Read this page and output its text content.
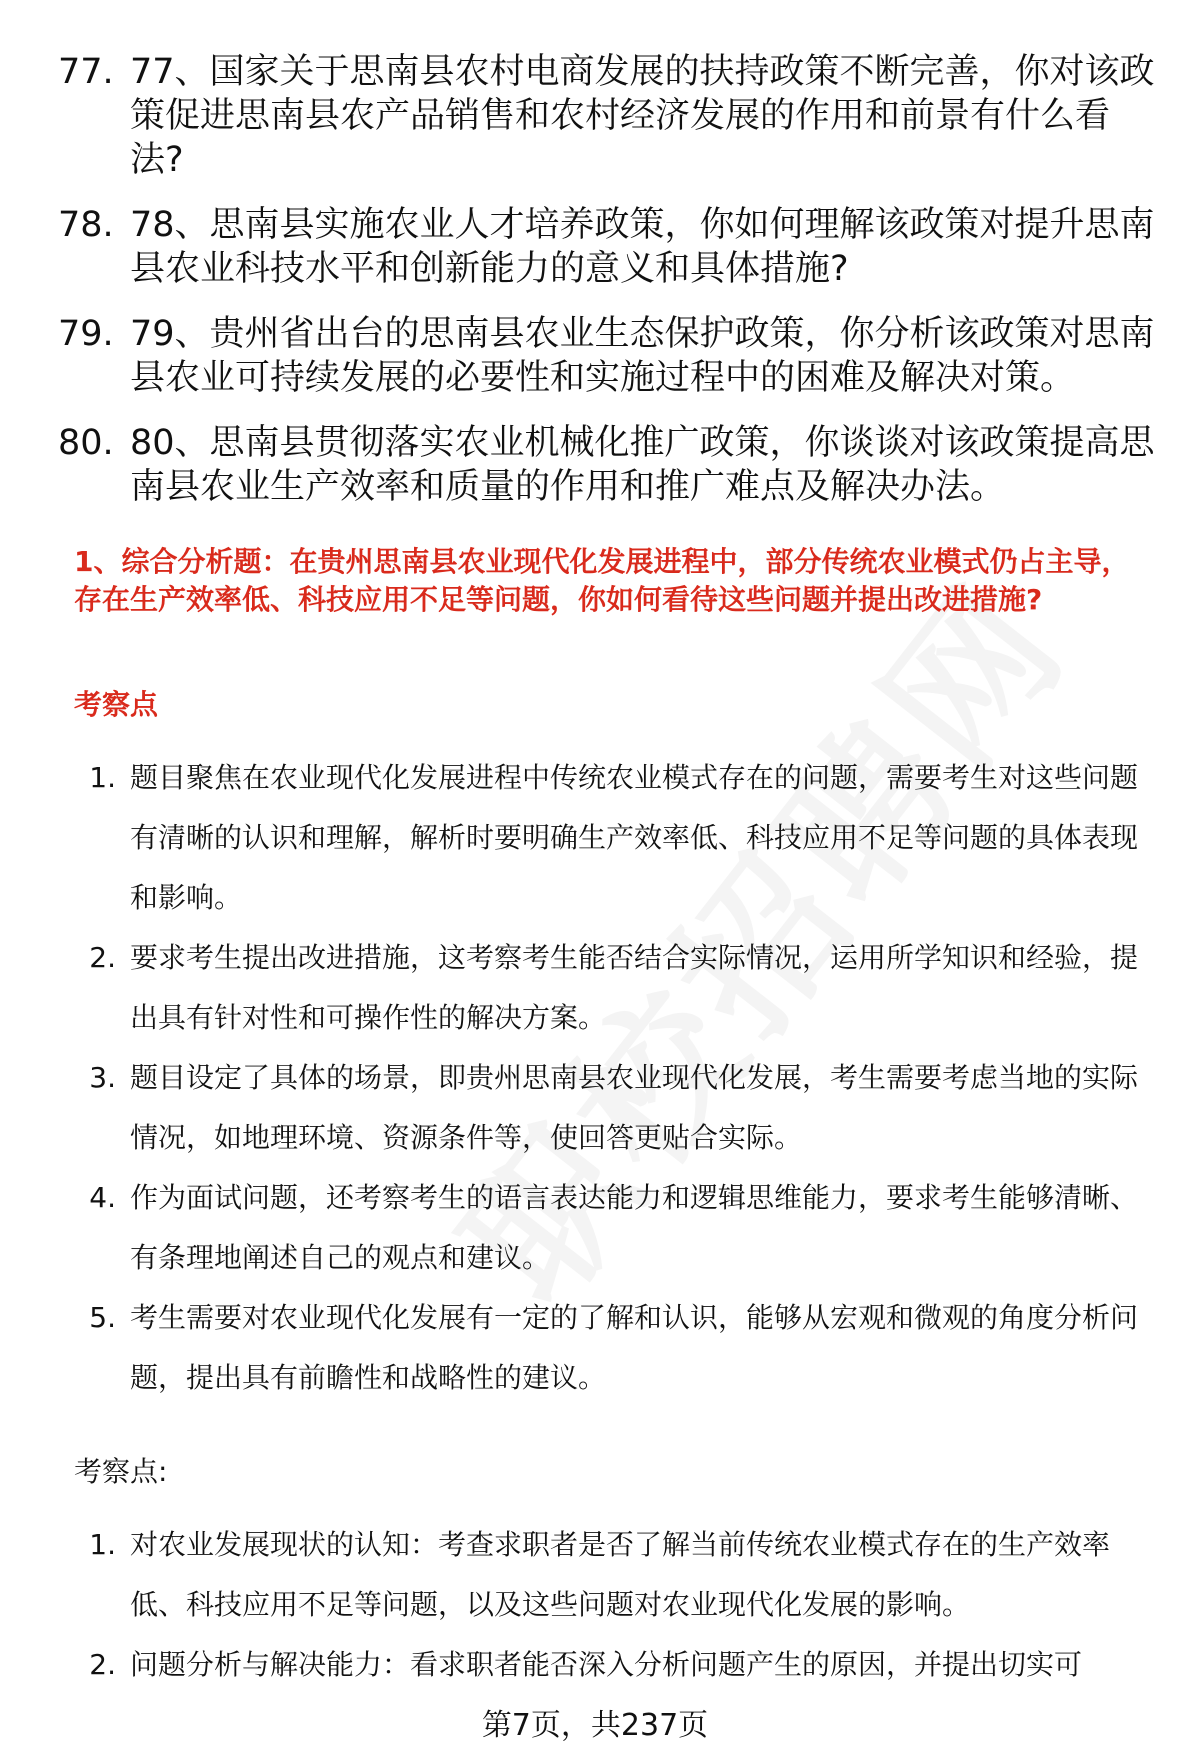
77. 77、国家关于思南县农村电商发展的扶持政策不断完善，你对该政策促进思南县农产品销售和农村经济发展的作用和前景有什么看法?
78. 78、思南县实施农业人才培养政策，你如何理解该政策对提升思南县农业科技水平和创新能力的意义和具体措施?
79. 79、贵州省出台的思南县农业生态保护政策，你分析该政策对思南县农业可持续发展的必要性和实施过程中的困难及解决对策。
80. 80、思南县贯彻落实农业机械化推广政策，你谈谈对该政策提高思南县农业生产效率和质量的作用和推广难点及解决办法。

1、综合分析题：在贵州思南县农业现代化发展进程中，部分传统农业模式仍占主导，存在生产效率低、科技应用不足等问题，你如何看待这些问题并提出改进措施?

考察点

1. 题目聚焦在农业现代化发展进程中传统农业模式存在的问题，需要考生对这些问题有清晰的认识和理解，解析时要明确生产效率低、科技应用不足等问题的具体表现和影响。
2. 要求考生提出改进措施，这考察考生能否结合实际情况，运用所学知识和经验，提出具有针对性和可操作性的解决方案。
3. 题目设定了具体的场景，即贵州思南县农业现代化发展，考生需要考虑当地的实际情况，如地理环境、资源条件等，使回答更贴合实际。
4. 作为面试问题，还考察考生的语言表达能力和逻辑思维能力，要求考生能够清晰、有条理地阐述自己的观点和建议。
5. 考生需要对农业现代化发展有一定的了解和认识，能够从宏观和微观的角度分析问题，提出具有前瞻性和战略性的建议。

考察点:

1. 对农业发展现状的认知：考查求职者是否了解当前传统农业模式存在的生产效率低、科技应用不足等问题，以及这些问题对农业现代化发展的影响。
2. 问题分析与解决能力：看求职者能否深入分析问题产生的原因，并提出切实可
第7页，共237页
